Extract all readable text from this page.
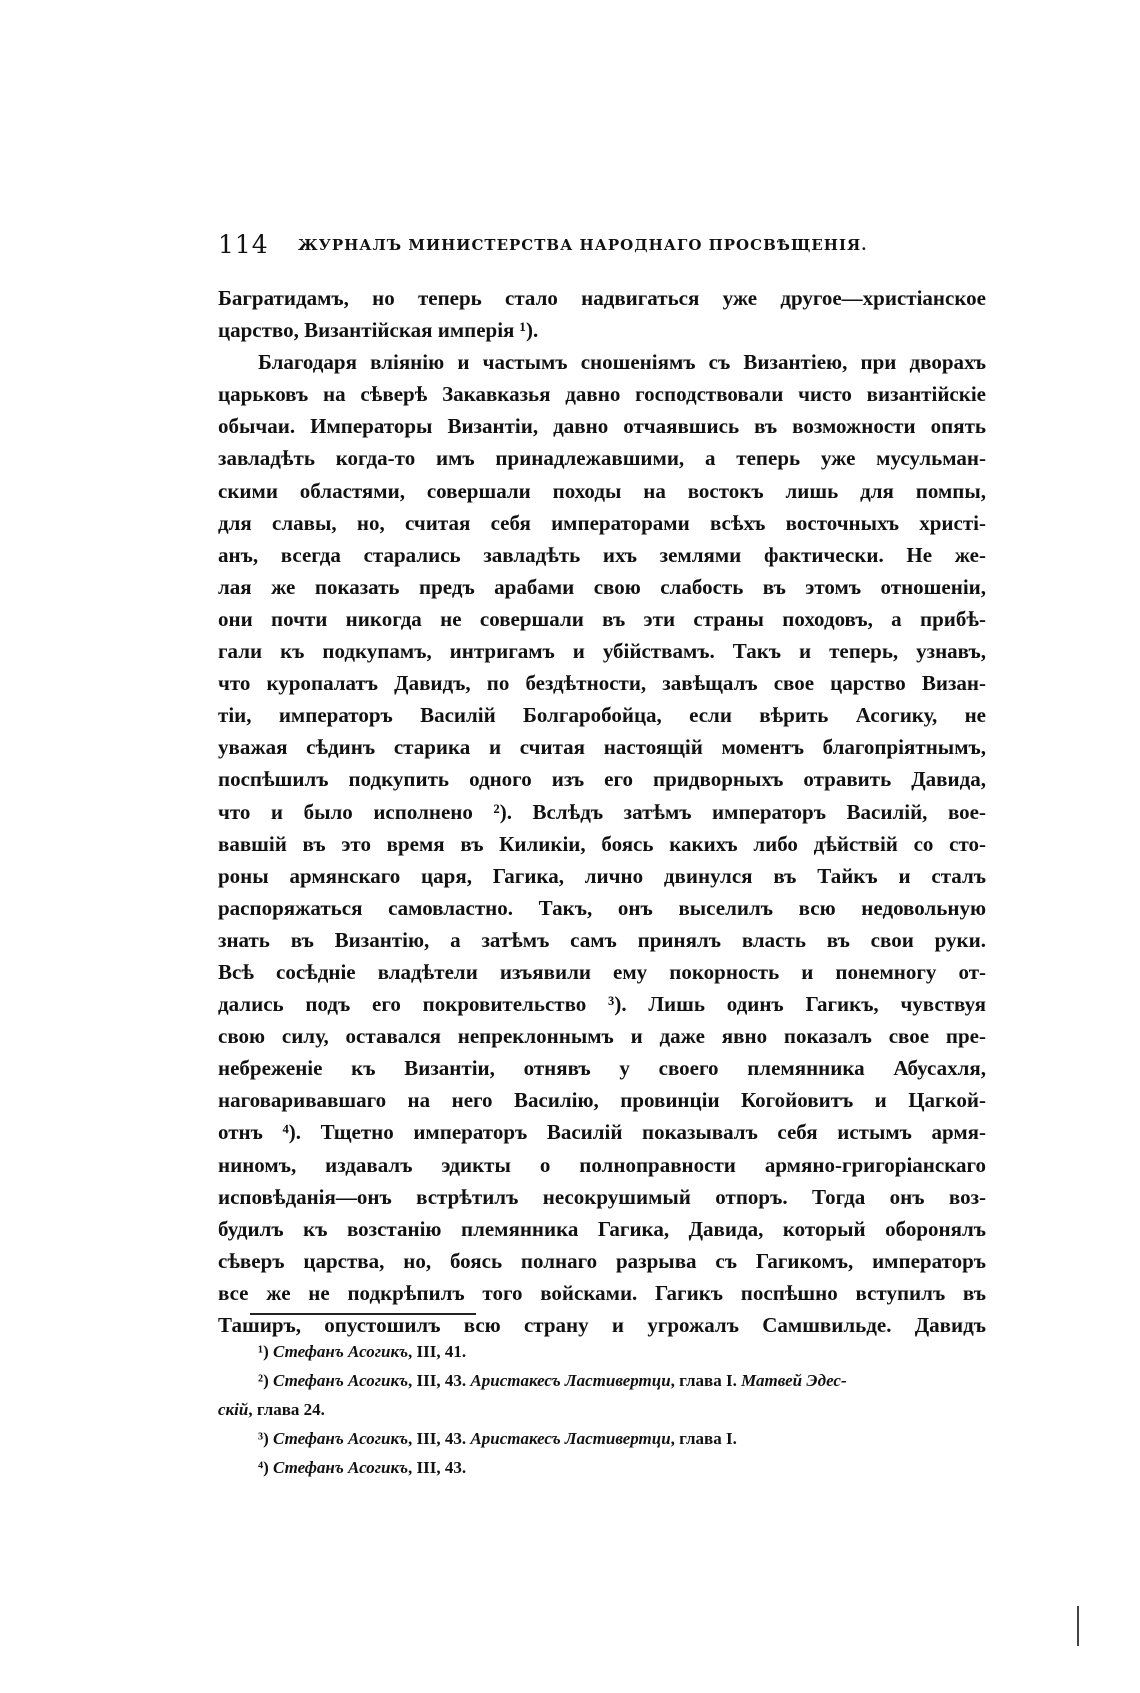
114 ЖУРНАЛЪ МИНИСТЕРСТВА НАРОДНАГО ПРОСВѢЩЕНІЯ.
Багратидамъ, но теперь стало надвигаться уже другое—христіанское
царство, Византійская имперія ¹).
Благодаря вліянію и частымъ сношеніямъ съ Византіею, при дворахъ
царьковъ на сѣверѣ Закавказья давно господствовали чисто византійскіе
обычаи. Императоры Византіи, давно отчаявшись въ возможности опять
завладѣть когда-то имъ принадлежавшими, а теперь уже мусульман-
скими областями, совершали походы на востокъ лишь для помпы,
для славы, но, считая себя императорами всѣхъ восточныхъ христі-
анъ, всегда старались завладѣть ихъ землями фактически. Не же-
лая же показать предъ арабами свою слабость въ этомъ отношеніи,
они почти никогда не совершали въ эти страны походовъ, а прибѣ-
гали къ подкупамъ, интригамъ и убійствамъ. Такъ и теперь, узнавъ,
что куропалатъ Давидъ, по бездѣтности, завѣщалъ свое царство Визан-
тіи, императоръ Василій Болгаробойца, если вѣрить Асогику, не
уважая сѣдинъ старика и считая настоящій моментъ благопріятнымъ,
поспѣшилъ подкупить одного изъ его придворныхъ отравить Давида,
что и было исполнено ²). Вслѣдъ затѣмъ императоръ Василій, вое-
вавшій въ это время въ Киликіи, боясь какихъ либо дѣйствій со сто-
роны армянскаго царя, Гагика, лично двинулся въ Тайкъ и сталъ
распоряжаться самовластно. Такъ, онъ выселилъ всю недовольную
знать въ Византію, а затѣмъ самъ принялъ власть въ свои руки.
Всѣ сосѣдніе владѣтели изъявили ему покорность и понемногу от-
дались подъ его покровительство ³). Лишь одинъ Гагикъ, чувствуя
свою силу, оставался непреклоннымъ и даже явно показалъ свое пре-
небреженіе къ Византіи, отнявъ у своего племянника Абусахля,
наговаривавшаго на него Василію, провинціи Когойовитъ и Цагкой-
отнъ ⁴). Тщетно императоръ Василій показывалъ себя истымъ армя-
ниномъ, издавалъ эдикты о полноправности армяно-григоріанскаго
исповѣданія—онъ встрѣтилъ несокрушимый отпоръ. Тогда онъ воз-
будилъ къ возстанію племянника Гагика, Давида, который оборонялъ
сѣверъ царства, но, боясь полнаго разрыва съ Гагикомъ, императоръ
все же не подкрѣпилъ того войсками. Гагикъ поспѣшно вступилъ въ
Таширъ, опустошилъ всю страну и угрожалъ Самшвильде. Давидъ
¹) Стефанъ Асогикъ, III, 41.
²) Стефанъ Асогикъ, III, 43. Аристакесъ Ластивертци, глава I. Матвей Эдес-
скій, глава 24.
³) Стефанъ Асогикъ, III, 43. Аристакесъ Ластивертци, глава I.
⁴) Стефанъ Асогикъ, III, 43.
